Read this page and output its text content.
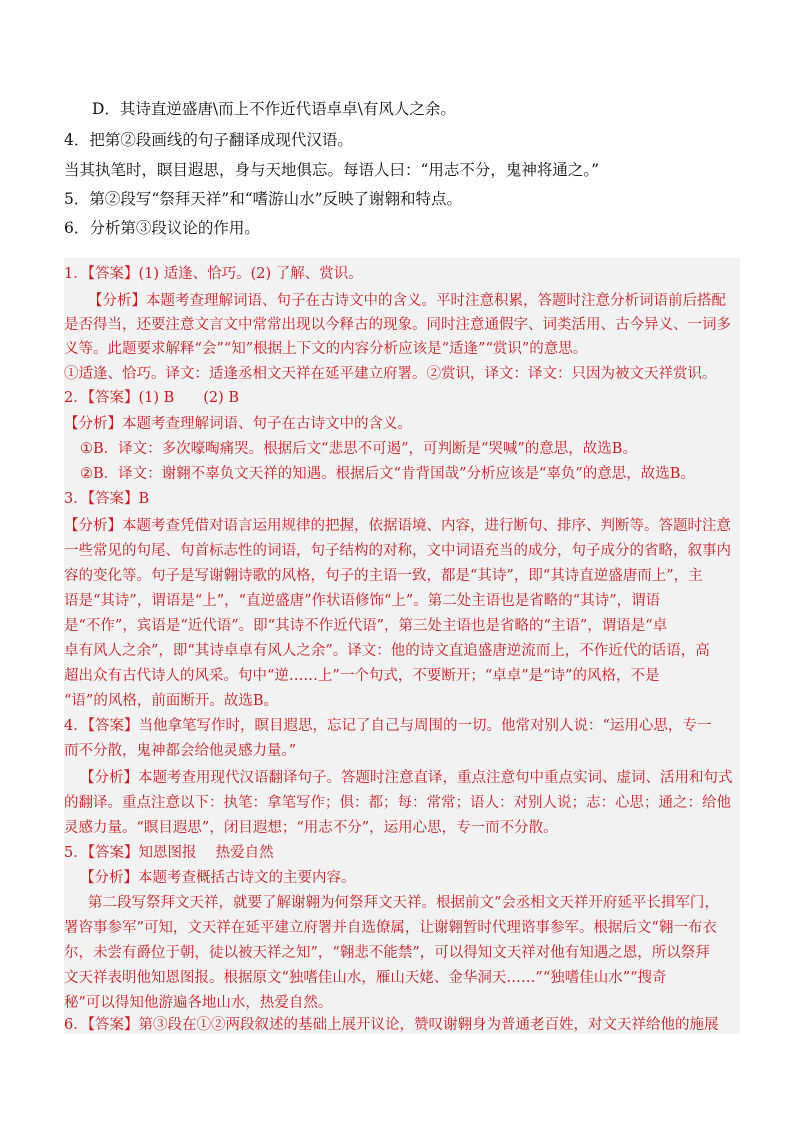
D．其诗直逆盛唐\而上不作近代语卓卓\有风人之余。
4．把第②段画线的句子翻译成现代汉语。
当其执笔时，瞑目遐思，身与天地俱忘。每语人曰：“用志不分，鬼神将通之。”
5．第②段写“祭拜天祥”和“嗜游山水”反映了谢翱和特点。
6．分析第③段议论的作用。
1．【答案】(1) 适逢、恰巧。(2) 了解、赏识。
【分析】本题考查理解词语、句子在古诗文中的含义。平时注意积累，答题时注意分析词语前后搭配
是否得当，还要注意文言文中常常出现以今释古的现象。同时注意通假字、词类活用、古今异义、一词多
义等。此题要求解释“会”“知”根据上下文的内容分析应该是“适逢”“赏识”的意思。
①适逢、恰巧。译文：适逢丞相文天祥在延平建立府署。②赏识，译文：译文：只因为被文天祥赏识。
2．【答案】(1) B　　(2) B
【分析】本题考查理解词语、句子在古诗文中的含义。
①B．译文：多次嚎啕痛哭。根据后文“悲思不可遏”，可判断是“哭喊”的意思，故选B。
②B．译文：谢翱不辜负文天祥的知遇。根据后文“肯背国哉”分析应该是“辜负”的意思，故选B。
3．【答案】B
【分析】本题考查凭借对语言运用规律的把握，依据语境、内容，进行断句、排序、判断等。答题时注意
一些常见的句尾、句首标志性的词语，句子结构的对称，文中词语充当的成分，句子成分的省略，叙事内
容的变化等。句子是写谢翱诗歌的风格，句子的主语一致，都是“其诗”，即“其诗直逆盛唐而上”，主
语是“其诗”，谓语是“上”，“直逆盛唐”作状语修饰“上”。第二处主语也是省略的“其诗”，谓语
是“不作”，宾语是“近代语”。即“其诗不作近代语”，第三处主语也是省略的“主语”，谓语是“卓
卓有风人之余”，即“其诗卓卓有风人之余”。译文：他的诗文直追盛唐逆流而上，不作近代的话语，高
超出众有古代诗人的风采。句中“逆……上”一个句式，不要断开；“卓卓”是“诗”的风格，不是
“语”的风格，前面断开。故选B。
4．【答案】当他拿笔写作时，瞑目遐思，忘记了自己与周围的一切。他常对别人说：“运用心思，专一
而不分散，鬼神都会给他灵感力量。”
【分析】本题考查用现代汉语翻译句子。答题时注意直译，重点注意句中重点实词、虚词、活用和句式
的翻译。重点注意以下：执笔：拿笔写作；俱：都；每：常常；语人：对别人说；志：心思；通之：给他
灵感力量。“瞑目遐思”，闭目遐想；“用志不分”，运用心思，专一而不分散。
5．【答案】知恩图报　 热爱自然
【分析】本题考查概括古诗文的主要内容。
第二段写祭拜文天祥，就要了解谢翱为何祭拜文天祥。根据前文“会丞相文天祥开府延平长揖军门，
署咨事参军”可知，文天祥在延平建立府署并自选僚属，让谢翱暂时代理谘事参军。根据后文“翱一布衣
尔，未尝有爵位于朝，徒以被天祥之知”，“翱悲不能禁”，可以得知文天祥对他有知遇之恩，所以祭拜
文天祥表明他知恩图报。根据原文“独嗜佳山水，雁山天姥、金华洞天……”“独嗜佳山水”“搜奇
秘”可以得知他游遍各地山水，热爱自然。
6．【答案】第③段在①②两段叙述的基础上展开议论，赞叹谢翱身为普通老百姓，对文天祥给他的施展
